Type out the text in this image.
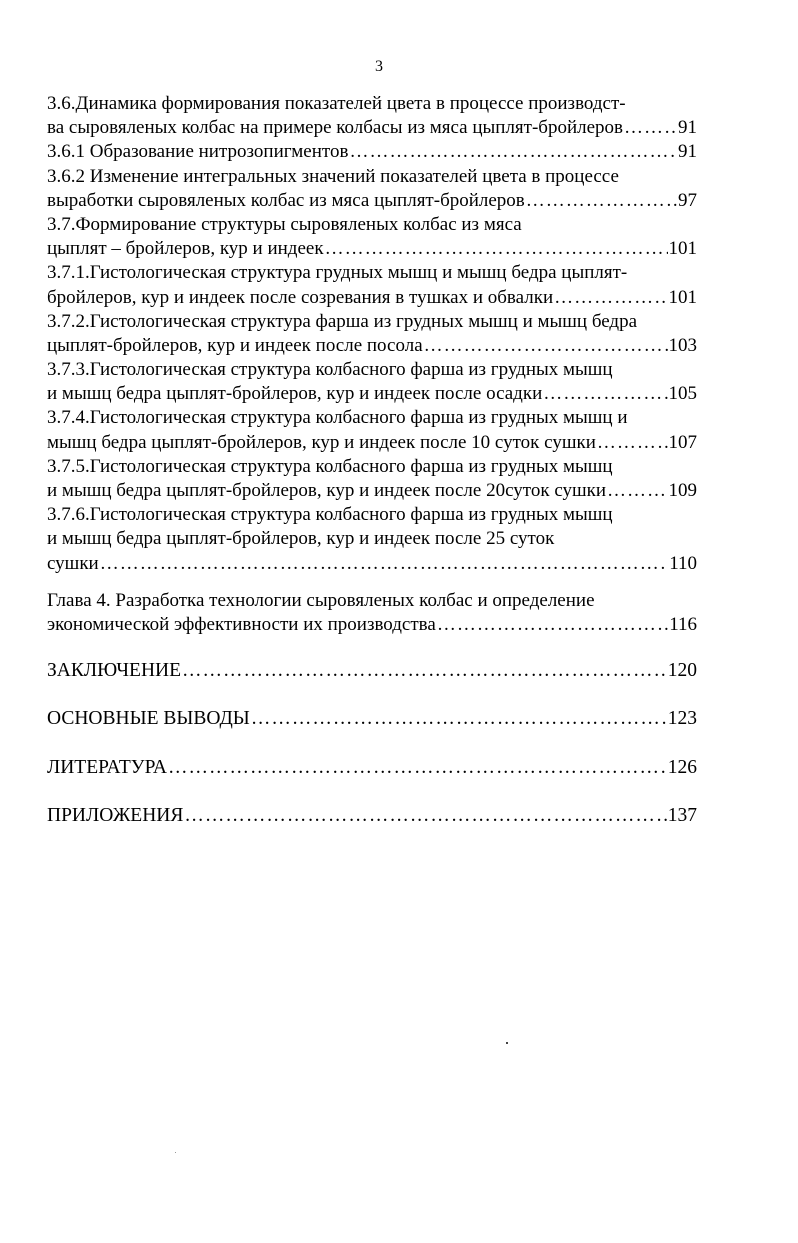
3
3.6.Динамика формирования показателей цвета в процессе производст-
ва сыровяленых колбас на примере колбасы из мяса цыплят-бройлеров ………………………………………………………………………………………………………………………………………………………………………………………………	91
3.6.1 Образование нитрозопигментов ………………………………………………………………………………………………………………………………………………………………………………………………	91
3.6.2 Изменение интегральных значений показателей цвета в процессе
выработки сыровяленых колбас из мяса цыплят-бройлеров ………………………………………………………………………………………………………………………………………………………………………………………………	97
3.7.Формирование структуры сыровяленых колбас из мяса
цыплят – бройлеров, кур и индеек ………………………………………………………………………………………………………………………………………………………………………………………………	101
3.7.1.Гистологическая структура грудных мышц и мышц бедра цыплят-
бройлеров, кур и индеек после созревания в тушках и обвалки ………………………………………………………………………………………………………………………………………………………………………………………………	101
3.7.2.Гистологическая структура фарша из грудных мышц и мышц бедра
цыплят-бройлеров, кур и индеек после посола ………………………………………………………………………………………………………………………………………………………………………………………………	103
3.7.3.Гистологическая структура колбасного фарша из грудных мышц
и мышц бедра цыплят-бройлеров, кур и индеек после осадки ………………………………………………………………………………………………………………………………………………………………………………………………	105
3.7.4.Гистологическая структура колбасного фарша из грудных мышц и
мышц бедра цыплят-бройлеров, кур и индеек после 10 суток сушки ………………………………………………………………………………………………………………………………………………………………………………………………	107
3.7.5.Гистологическая структура колбасного фарша из грудных мышц
и мышц бедра цыплят-бройлеров, кур и индеек после 20суток сушки ………………………………………………………………………………………………………………………………………………………………………………………………	109
3.7.6.Гистологическая структура колбасного фарша из грудных мышц
и мышц бедра цыплят-бройлеров, кур и индеек после 25 суток
сушки ………………………………………………………………………………………………………………………………………………………………………………………………	110
Глава 4. Разработка технологии сыровяленых колбас и определение
экономической эффективности их производства ………………………………………………………………………………………………………………………………………………………………………………………………	116
ЗАКЛЮЧЕНИЕ ………………………………………………………………………………………………………………………………………………………………………………………………	120
ОСНОВНЫЕ ВЫВОДЫ ………………………………………………………………………………………………………………………………………………………………………………………………	123
ЛИТЕРАТУРА ………………………………………………………………………………………………………………………………………………………………………………………………	126
ПРИЛОЖЕНИЯ ………………………………………………………………………………………………………………………………………………………………………………………………	137
